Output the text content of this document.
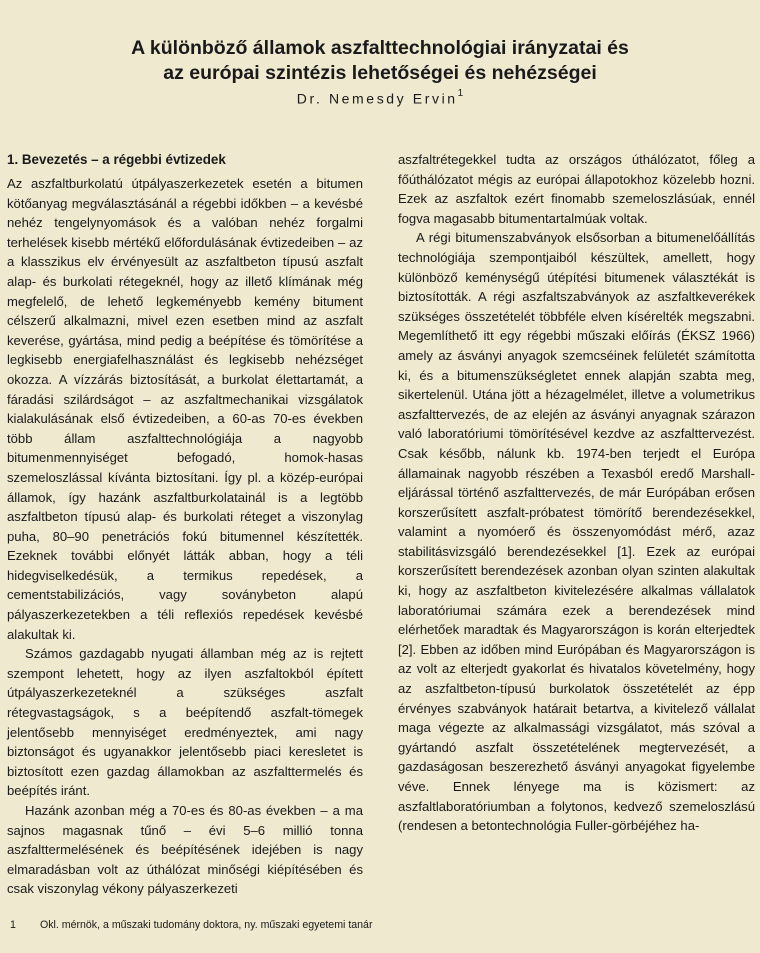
A különböző államok aszfalttechnológiai irányzatai és
az európai szintézis lehetőségei és nehézségei
Dr. Nemesdy Ervin$^1$
1. Bevezetés – a régebbi évtizedek

Az aszfaltburkolatú útpályaszerkezetek esetén a bitumen kötőanyag megválasztásánál a régebbi időkben – a kevésbé nehéz tengelynyomások és a valóban nehéz forgalmi terhelések kisebb mértékű előfordulásának évtizedeiben – az a klasszikus elv érvényesült az aszfaltbeton típusú aszfalt alap- és burkolati rétegeknél, hogy az illető klímának még megfelelő, de lehető legkeményebb kemény bitument célszerű alkalmazni, mivel ezen esetben mind az aszfalt keverése, gyártása, mind pedig a beépítése és tömörítése a legkisebb energiafelhasználást és legkisebb nehézséget okozza. A vízzárás biztosítását, a burkolat élettartamát, a fáradási szilárdságot – az aszfaltmechanikai vizsgálatok kialakulásának első évtizedeiben, a 60-as 70-es években több állam aszfalttechnológiája a nagyobb bitumenmennyiséget befogadó, homok-hasas szemeloszlással kívánta biztosítani. Így pl. a közép-európai államok, így hazánk aszfaltburkolatainál is a legtöbb aszfaltbeton típusú alap- és burkolati réteget a viszonylag puha, 80–90 penetrációs fokú bitumennel készítették. Ezeknek további előnyét látták abban, hogy a téli hidegviselkedésük, a termikus repedések, a cementstabilizációs, vagy soványbeton alapú pályaszerkezetekben a téli reflexiós repedések kevésbé alakultak ki.

Számos gazdagabb nyugati államban még az is rejtett szempont lehetett, hogy az ilyen aszfaltokból épített útpályaszerkezeteknél a szükséges aszfalt rétegvastagságok, s a beépítendő aszfalt-tömegek jelentősebb mennyiséget eredményeztek, ami nagy biztonságot és ugyanakkor jelentősebb piaci keresletet is biztosított ezen gazdag államokban az aszfalttermelés és beépítés iránt.

Hazánk azonban még a 70-es és 80-as években – a ma sajnos magasnak tűnő – évi 5–6 millió tonna aszfalttermelésének és beépítésének idejében is nagy elmaradásban volt az úthálózat minőségi kiépítésében és csak viszonylag vékony pályaszerkezeti

aszfaltrétegekkel tudta az országos úthálózatot, főleg a főúthálózatot mégis az európai állapotokhoz közelebb hozni. Ezek az aszfaltok ezért finomabb szemeloszlásúak, ennél fogva magasabb bitumentartalmúak voltak.

A régi bitumenszabványok elsősorban a bitumenelőállítás technológiája szempontjaiból készültek, amellett, hogy különböző keménységű útépítési bitumenek választékát is biztosították. A régi aszfaltszabványok az aszfaltkeverékek szükséges összetételét többféle elven kísérelték megszabni. Megemlíthető itt egy régebbi műszaki előírás (ÉKSZ 1966) amely az ásványi anyagok szemcséinek felületét számította ki, és a bitumenszükségletet ennek alapján szabta meg, sikertelenül. Utána jött a hézagelmélet, illetve a volumetrikus aszfalttervezés, de az elején az ásványi anyagnak szárazon való laboratóriumi tömörítésével kezdve az aszfalttervezést. Csak később, nálunk kb. 1974-ben terjedt el Európa államainak nagyobb részében a Texasból eredő Marshall-eljárással történő aszfalttervezés, de már Európában erősen korszerűsített aszfalt-próbatest tömörítő berendezésekkel, valamint a nyomóerő és összenyomódást mérő, azaz stabilitásvizsgáló berendezésekkel [1]. Ezek az európai korszerűsített berendezések azonban olyan szinten alakultak ki, hogy az aszfaltbeton kivitelezésére alkalmas vállalatok laboratóriumai számára ezek a berendezések mind elérhetőek maradtak és Magyarországon is korán elterjedtek [2]. Ebben az időben mind Európában és Magyarországon is az volt az elterjedt gyakorlat és hivatalos követelmény, hogy az aszfaltbeton-típusú burkolatok összetételét az épp érvényes szabványok határait betartva, a kivitelező vállalat maga végezte az alkalmassági vizsgálatot, más szóval a gyártandó aszfalt összetételének megtervezését, a gazdaságosan beszerezhető ásványi anyagokat figyelembe véve. Ennek lényege ma is közismert: az aszfaltlaboratóriumban a folytonos, kedvező szemeloszlású (rendesen a betontechnológia Fuller-görbéjéhez ha-

1 Okl. mérnök, a műszaki tudomány doktora, ny. műszaki egyetemi tanár
